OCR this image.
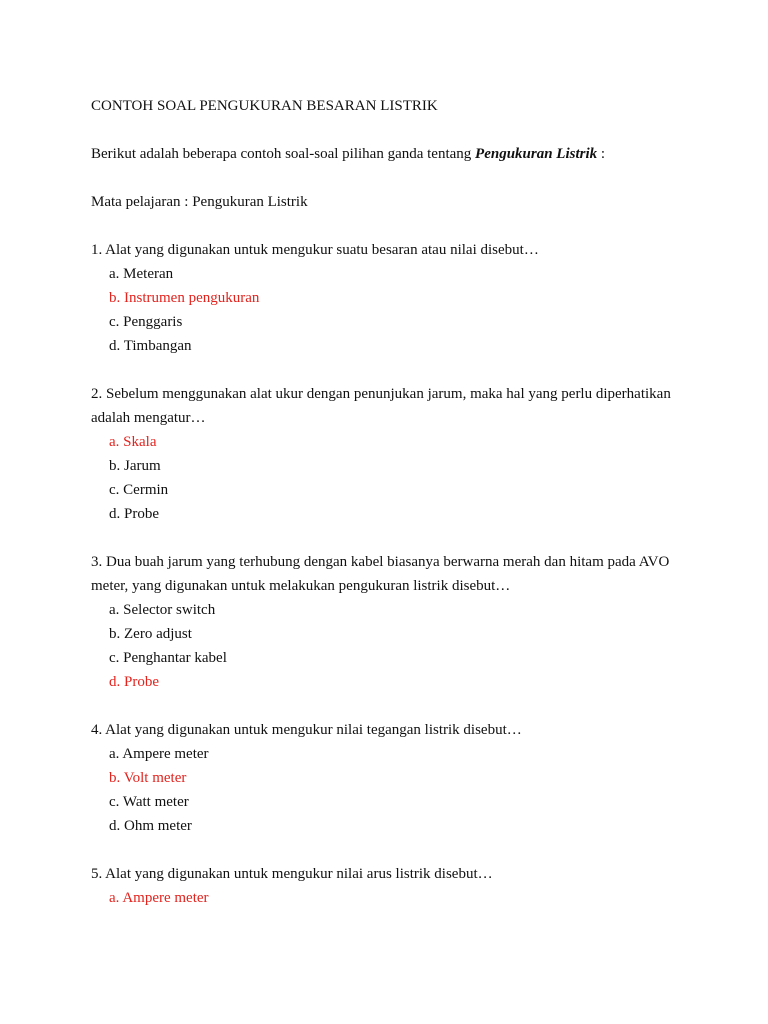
CONTOH SOAL PENGUKURAN BESARAN LISTRIK

Berikut adalah beberapa contoh soal-soal pilihan ganda tentang Pengukuran Listrik :

Mata pelajaran : Pengukuran Listrik

1. Alat yang digunakan untuk mengukur suatu besaran atau nilai disebut…

a. Meteran
b. Instrumen pengukuran
c. Penggaris
d. Timbangan

2. Sebelum menggunakan alat ukur dengan penunjukan jarum, maka hal yang perlu diperhatikan adalah mengatur…

a. Skala
b. Jarum
c. Cermin
d. Probe

3. Dua buah jarum yang terhubung dengan kabel biasanya berwarna merah dan hitam pada AVO meter, yang digunakan untuk melakukan pengukuran listrik disebut…

a. Selector switch
b. Zero adjust
c. Penghantar kabel
d. Probe

4. Alat yang digunakan untuk mengukur nilai tegangan listrik disebut…

a. Ampere meter
b. Volt meter
c. Watt meter
d. Ohm meter

5. Alat yang digunakan untuk mengukur nilai arus listrik disebut…

a. Ampere meter
